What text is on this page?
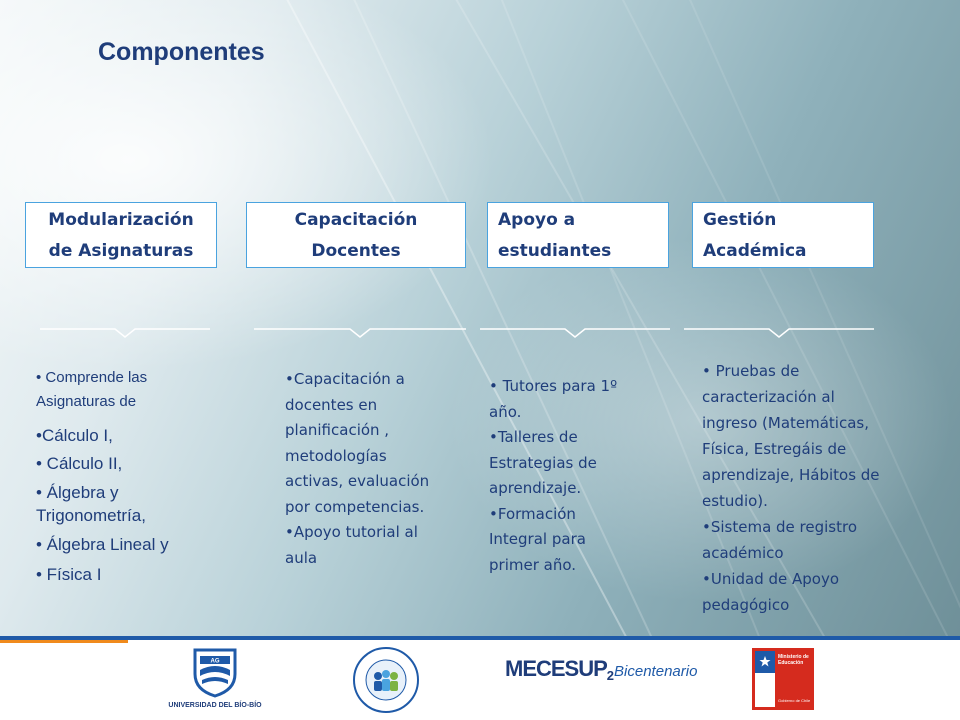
Componentes
Modularización
de Asignaturas
Capacitación
Docentes
Apoyo a
estudiantes
Gestión
Académica

• Comprende las

Asignaturas de

•Cálculo I,

• Cálculo II,

• Álgebra y

Trigonometría,

• Álgebra Lineal y

• Física I

•Capacitación a

docentes en

planificación ,

metodologías

activas, evaluación

por competencias.

•Apoyo tutorial al

aula

• Tutores para 1º

año.

•Talleres de

Estrategias de

aprendizaje.

•Formación

Integral para

primer año.

• Pruebas de

caracterización al

ingreso (Matemáticas,

Física, Estregáis de

aprendizaje, Hábitos de

estudio).

•Sistema de registro

académico

•Unidad de Apoyo

pedagógico

AG
UNIVERSIDAD DEL BÍO-BÍO
$MECESUP_2Bicentenario$
Ministerio de Educación
Gobierno de Chile
